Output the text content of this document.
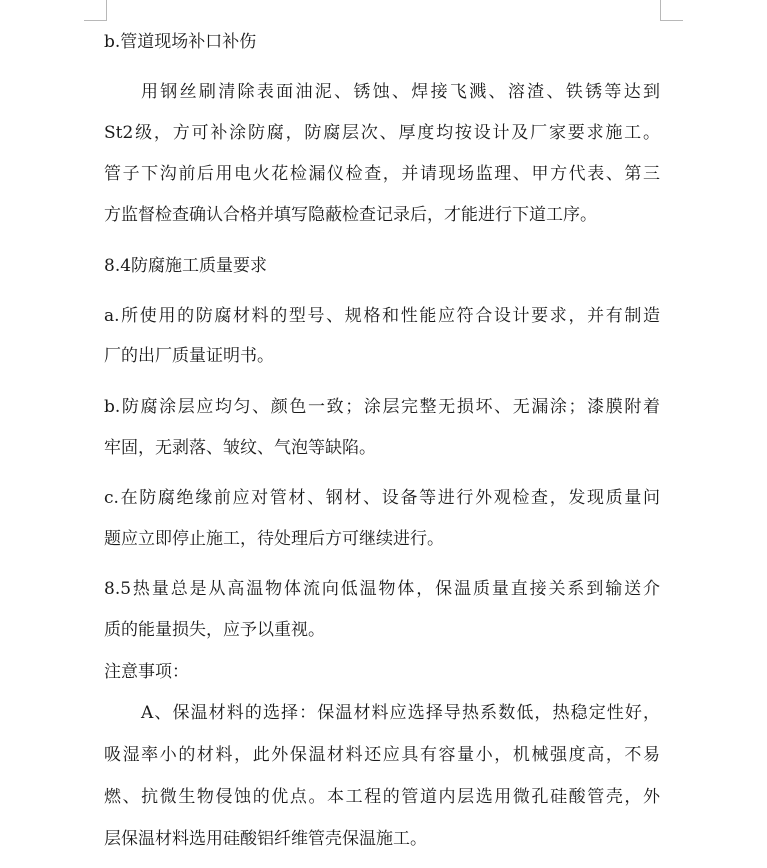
b.管道现场补口补伤
用钢丝刷清除表面油泥、锈蚀、焊接飞溅、溶渣、铁锈等达到
St2级，方可补涂防腐，防腐层次、厚度均按设计及厂家要求施工。
管子下沟前后用电火花检漏仪检查，并请现场监理、甲方代表、第三
方监督检查确认合格并填写隐蔽检查记录后，才能进行下道工序。
8.4防腐施工质量要求
a.所使用的防腐材料的型号、规格和性能应符合设计要求，并有制造
厂的出厂质量证明书。
b.防腐涂层应均匀、颜色一致；涂层完整无损坏、无漏涂；漆膜附着
牢固，无剥落、皱纹、气泡等缺陷。
c.在防腐绝缘前应对管材、钢材、设备等进行外观检查，发现质量问
题应立即停止施工，待处理后方可继续进行。
8.5热量总是从高温物体流向低温物体，保温质量直接关系到输送介
质的能量损失，应予以重视。
注意事项：
A、保温材料的选择：保温材料应选择导热系数低，热稳定性好，
吸湿率小的材料，此外保温材料还应具有容量小，机械强度高，不易
燃、抗微生物侵蚀的优点。本工程的管道内层选用微孔硅酸管壳，外
层保温材料选用硅酸铝纤维管壳保温施工。
